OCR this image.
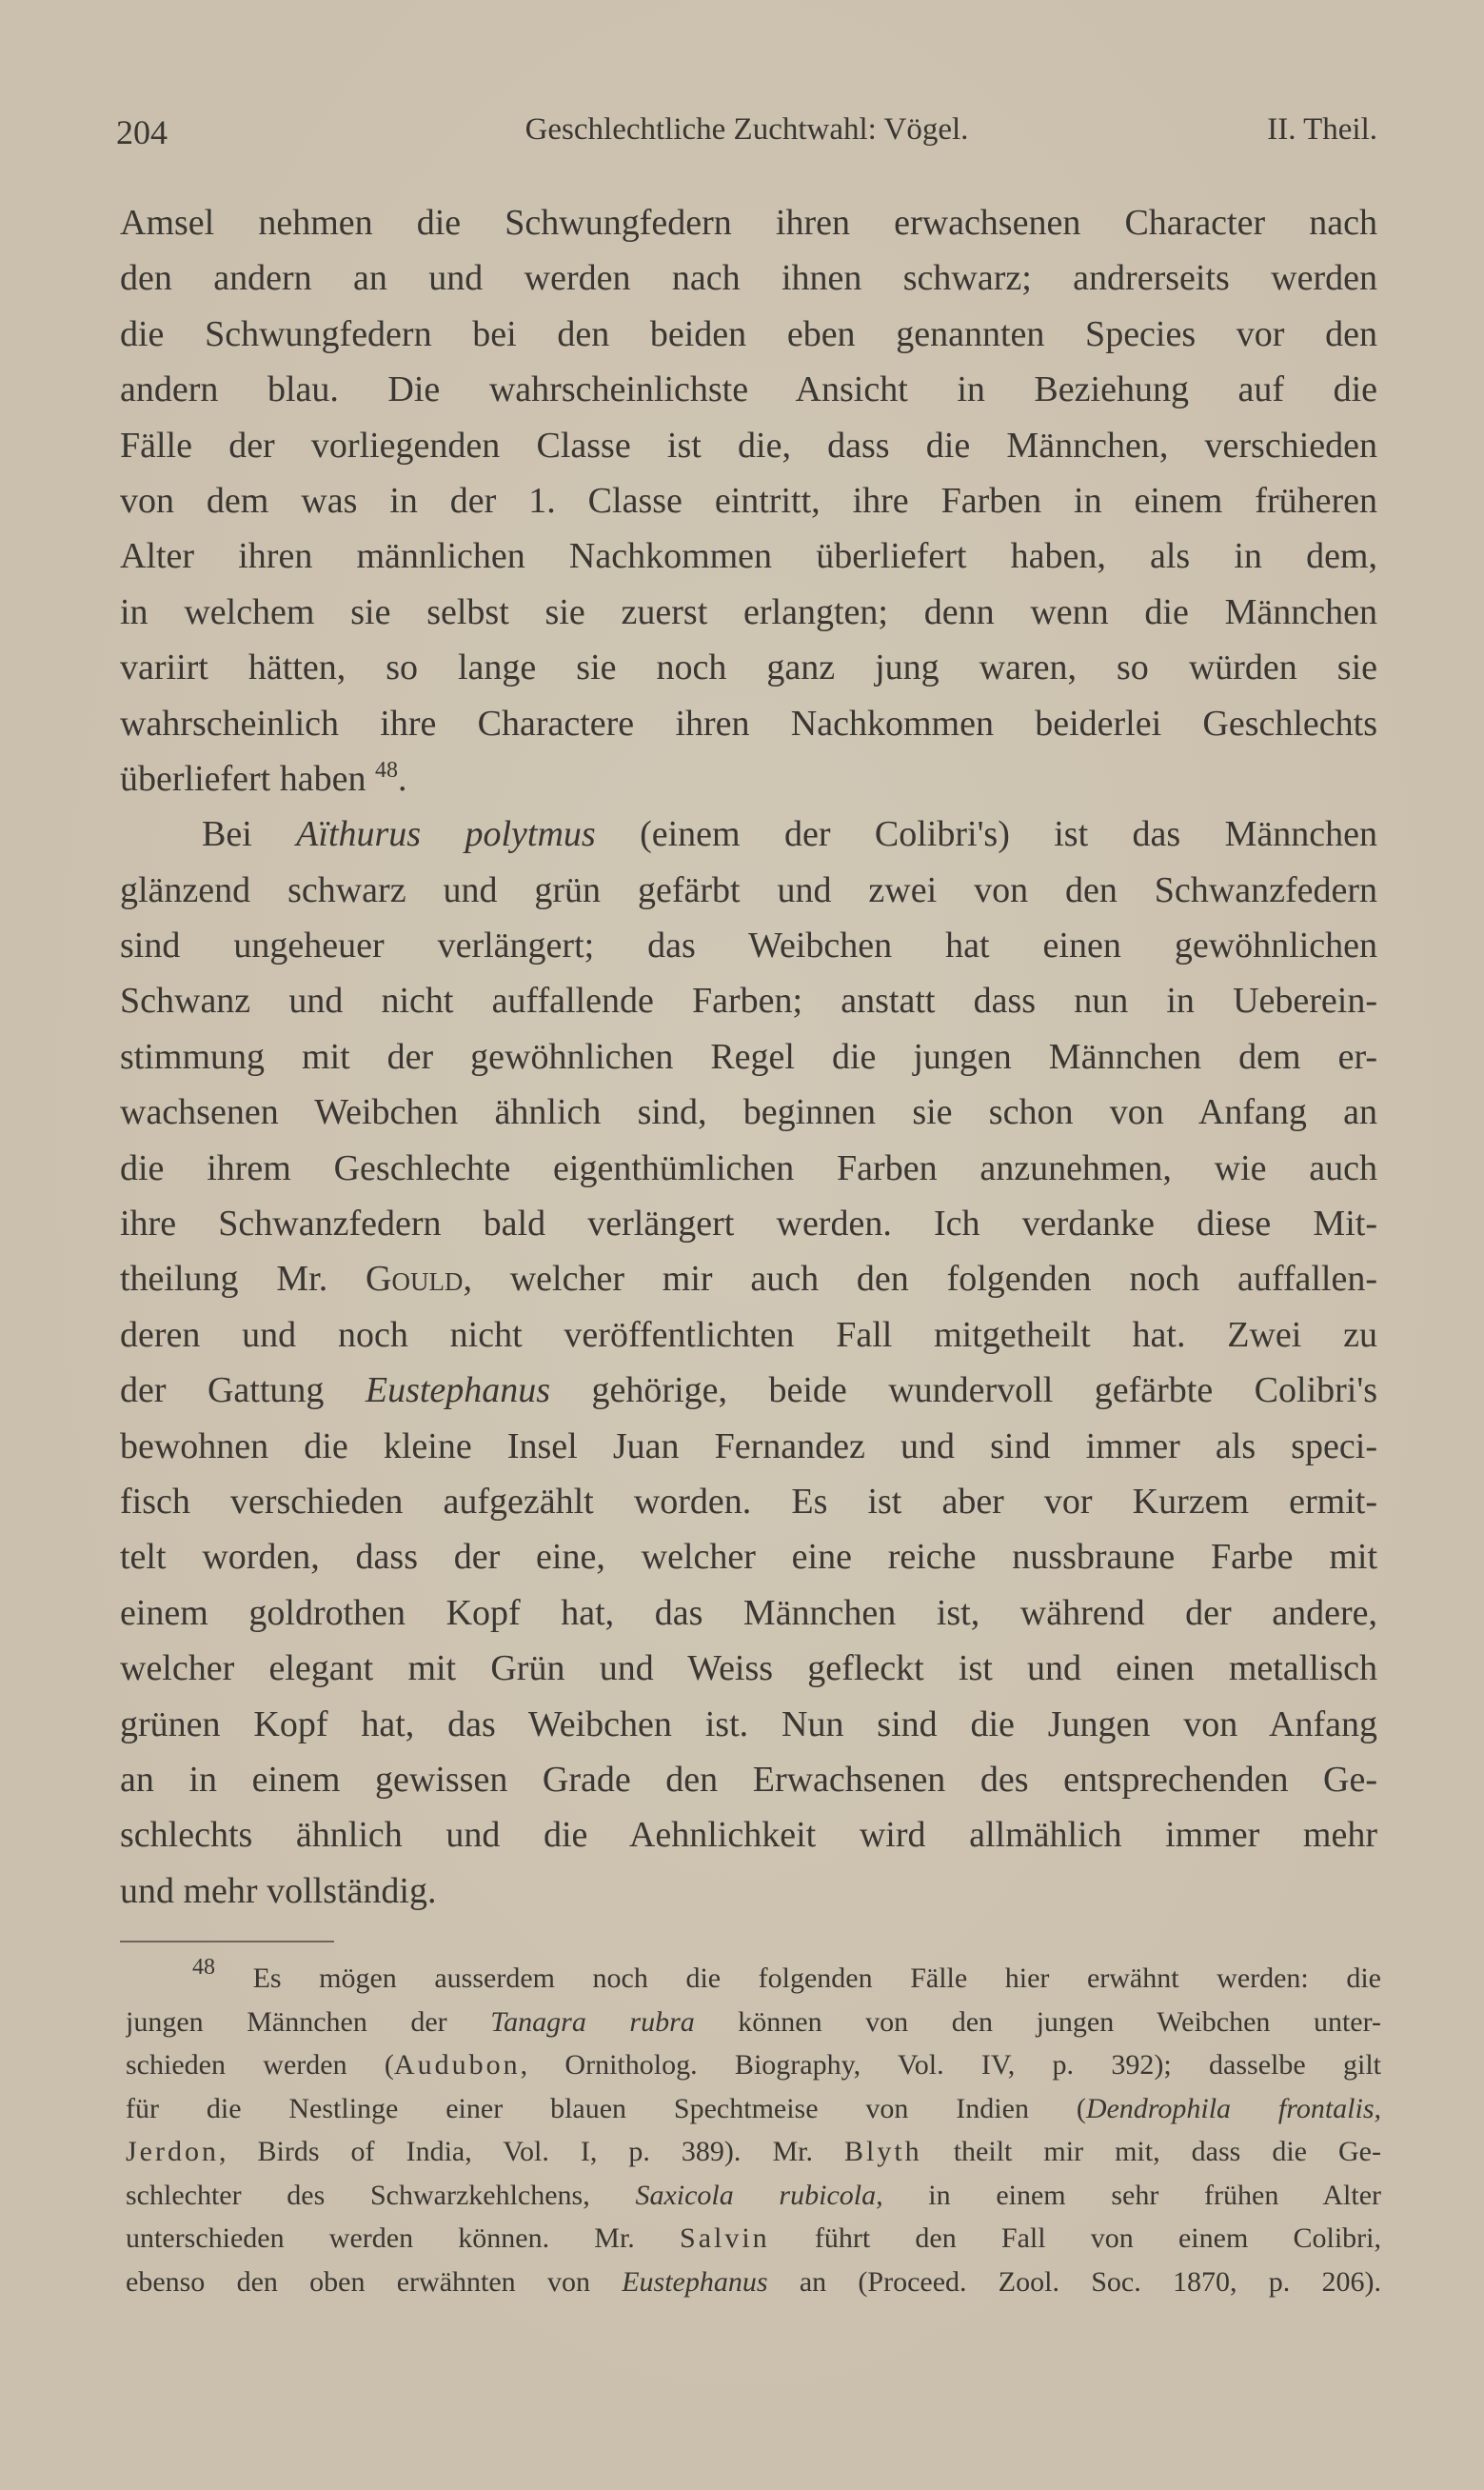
204	Geschlechtliche Zuchtwahl: Vögel.	II. Theil.
Amsel nehmen die Schwungfedern ihren erwachsenen Character nach
den andern an und werden nach ihnen schwarz; andrerseits werden
die Schwungfedern bei den beiden eben genannten Species vor den
andern blau. Die wahrscheinlichste Ansicht in Beziehung auf die
Fälle der vorliegenden Classe ist die, dass die Männchen, verschieden
von dem was in der 1. Classe eintritt, ihre Farben in einem früheren
Alter ihren männlichen Nachkommen überliefert haben, als in dem,
in welchem sie selbst sie zuerst erlangten; denn wenn die Männchen
variirt hätten, so lange sie noch ganz jung waren, so würden sie
wahrscheinlich ihre Charactere ihren Nachkommen beiderlei Geschlechts
überliefert haben $^{48}$.
Bei Aïthurus polytmus (einem der Colibri's) ist das Männchen
glänzend schwarz und grün gefärbt und zwei von den Schwanzfedern
sind ungeheuer verlängert; das Weibchen hat einen gewöhnlichen
Schwanz und nicht auffallende Farben; anstatt dass nun in Ueberein-
stimmung mit der gewöhnlichen Regel die jungen Männchen dem er-
wachsenen Weibchen ähnlich sind, beginnen sie schon von Anfang an
die ihrem Geschlechte eigenthümlichen Farben anzunehmen, wie auch
ihre Schwanzfedern bald verlängert werden. Ich verdanke diese Mit-
theilung Mr. Gould, welcher mir auch den folgenden noch auffallen-
deren und noch nicht veröffentlichten Fall mitgetheilt hat. Zwei zu
der Gattung Eustephanus gehörige, beide wundervoll gefärbte Colibri's
bewohnen die kleine Insel Juan Fernandez und sind immer als speci-
fisch verschieden aufgezählt worden. Es ist aber vor Kurzem ermit-
telt worden, dass der eine, welcher eine reiche nussbraune Farbe mit
einem goldrothen Kopf hat, das Männchen ist, während der andere,
welcher elegant mit Grün und Weiss gefleckt ist und einen metallisch
grünen Kopf hat, das Weibchen ist. Nun sind die Jungen von Anfang
an in einem gewissen Grade den Erwachsenen des entsprechenden Ge-
schlechts ähnlich und die Aehnlichkeit wird allmählich immer mehr
und mehr vollständig.
$^{48}$ Es mögen ausserdem noch die folgenden Fälle hier erwähnt werden: die
jungen Männchen der Tanagra rubra können von den jungen Weibchen unter-
schieden werden (Audubon, Ornitholog. Biography, Vol. IV, p. 392); dasselbe gilt
für die Nestlinge einer blauen Spechtmeise von Indien (Dendrophila frontalis,
Jerdon, Birds of India, Vol. I, p. 389). Mr. Blyth theilt mir mit, dass die Ge-
schlechter des Schwarzkehlchens, Saxicola rubicola, in einem sehr frühen Alter
unterschieden werden können. Mr. Salvin führt den Fall von einem Colibri,
ebenso den oben erwähnten von Eustephanus an (Proceed. Zool. Soc. 1870, p. 206).
